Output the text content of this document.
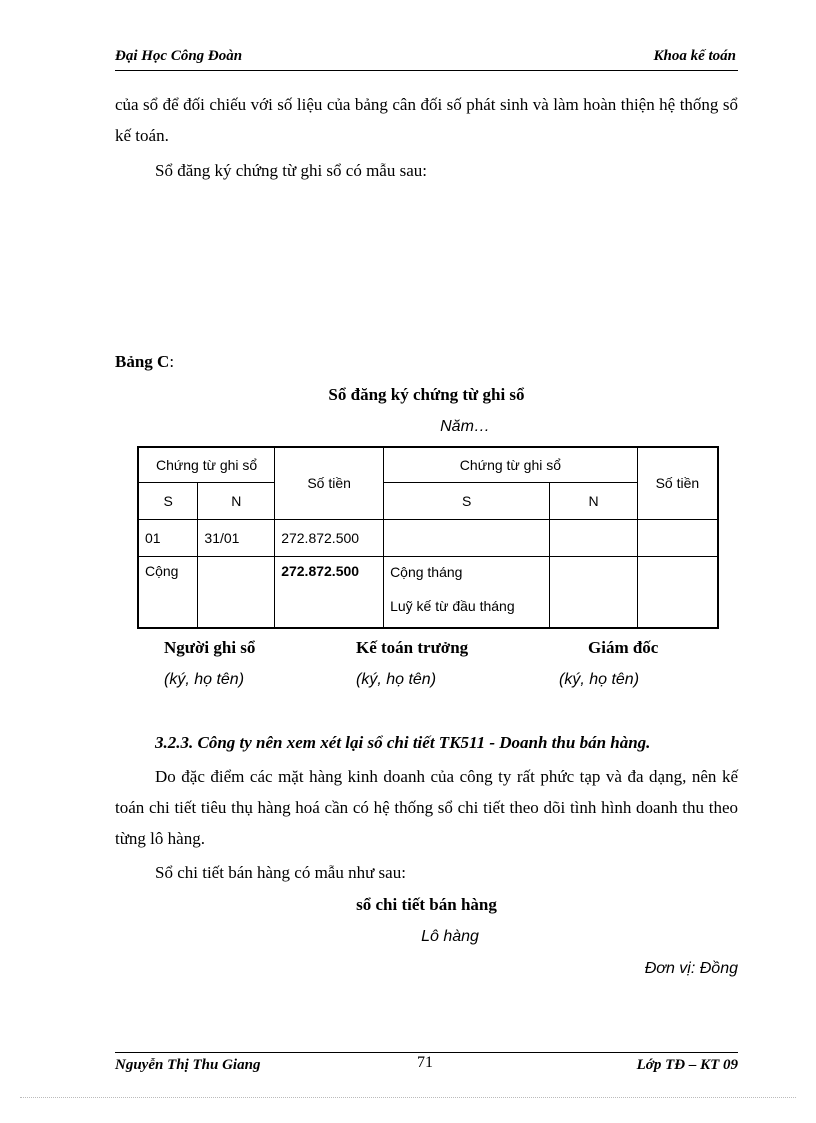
Đại Học Công Đoàn	Khoa kế toán
của sổ để đối chiếu với số liệu của bảng cân đối số phát sinh và làm hoàn thiện hệ thống sổ kế toán.
Sổ đăng ký chứng từ ghi sổ có mẫu sau:
Bảng C:
Sổ đăng ký chứng từ ghi sổ
Năm…
Chứng từ ghi sổ		Số tiền	Chứng từ ghi sổ		Số tiền
S	N		S	N	
01	31/01	272.872.500			
Cộng		272.872.500	Cộng tháng
Luỹ kế từ đầu tháng		

Người ghi sổ	Kế toán trưởng	Giám đốc
(ký, họ tên)	(ký, họ tên)	(ký, họ tên)
3.2.3. Công ty nên xem xét lại sổ chi tiết TK511 - Doanh thu bán hàng.
Do đặc điểm các mặt hàng kinh doanh của công ty rất phức tạp và đa dạng, nên kế toán chi tiết tiêu thụ hàng hoá cần có hệ thống sổ chi tiết theo dõi tình hình doanh thu theo từng lô hàng.
Sổ chi tiết bán hàng có mẫu như sau:
sổ chi tiết bán hàng
Lô hàng
Đơn vị: Đồng
Nguyễn Thị Thu Giang	71	Lớp TĐ – KT 09
